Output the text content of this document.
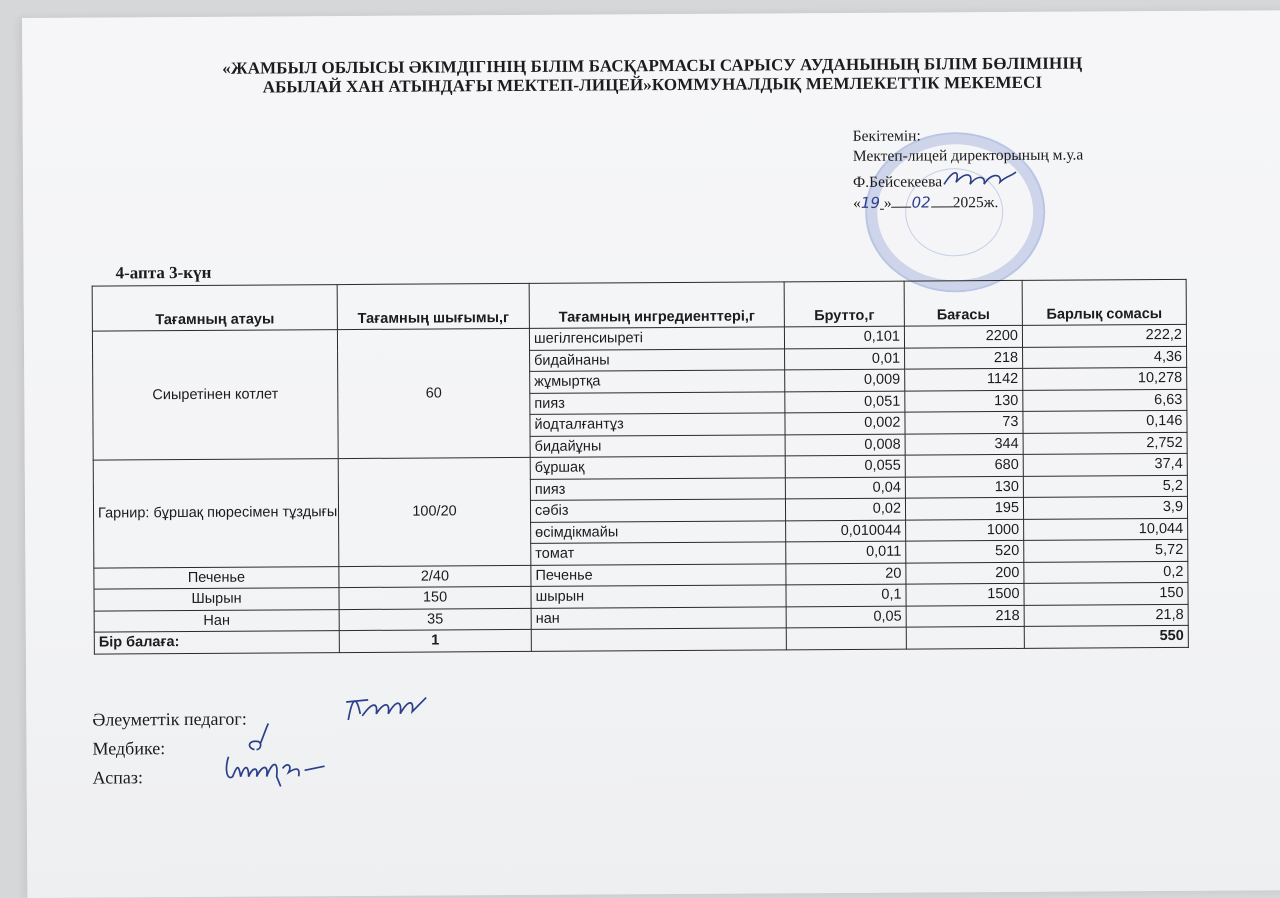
«ЖАМБЫЛ ОБЛЫСЫ ӘКІМДІГІНІҢ БІЛІМ БАСҚАРМАСЫ САРЫСУ АУДАНЫНЫҢ БІЛІМ БӨЛІМІНІҢ
АБЫЛАЙ ХАН АТЫНДАҒЫ МЕКТЕП-ЛИЦЕЙ»КОММУНАЛДЫҚ МЕМЛЕКЕТТІК МЕКЕМЕСІ
Бекітемін:
Мектеп-лицей директорының м.у.а
Ф.Бейсекеева
«19 » 02 2025ж.
4-апта 3-күн
Тағамның атауы	Тағамның шығымы,г	Тағамның ингредиенттері,г	Брутто,г	Бағасы	Барлық сомасы
Сиыретінен котлет	60	шегілгенсиыреті	0,101	2200	222,2
		бидайнаны	0,01	218	4,36
		жұмыртқа	0,009	1142	10,278
		пияз	0,051	130	6,63
		йодталғантұз	0,002	73	0,146
		бидайұны	0,008	344	2,752
Гарнир: бұршақ пюресімен тұздығы	100/20	бұршақ	0,055	680	37,4
		пияз	0,04	130	5,2
		сәбіз	0,02	195	3,9
		өсімдікмайы	0,010044	1000	10,044
		томат	0,011	520	5,72
Печенье	2/40	Печенье	20	200	0,2
Шырын	150	шырын	0,1	1500	150
Нан	35	нан	0,05	218	21,8
Бір балаға:	1				550
Әлеуметтік педагог:
Медбике:
Аспаз:
